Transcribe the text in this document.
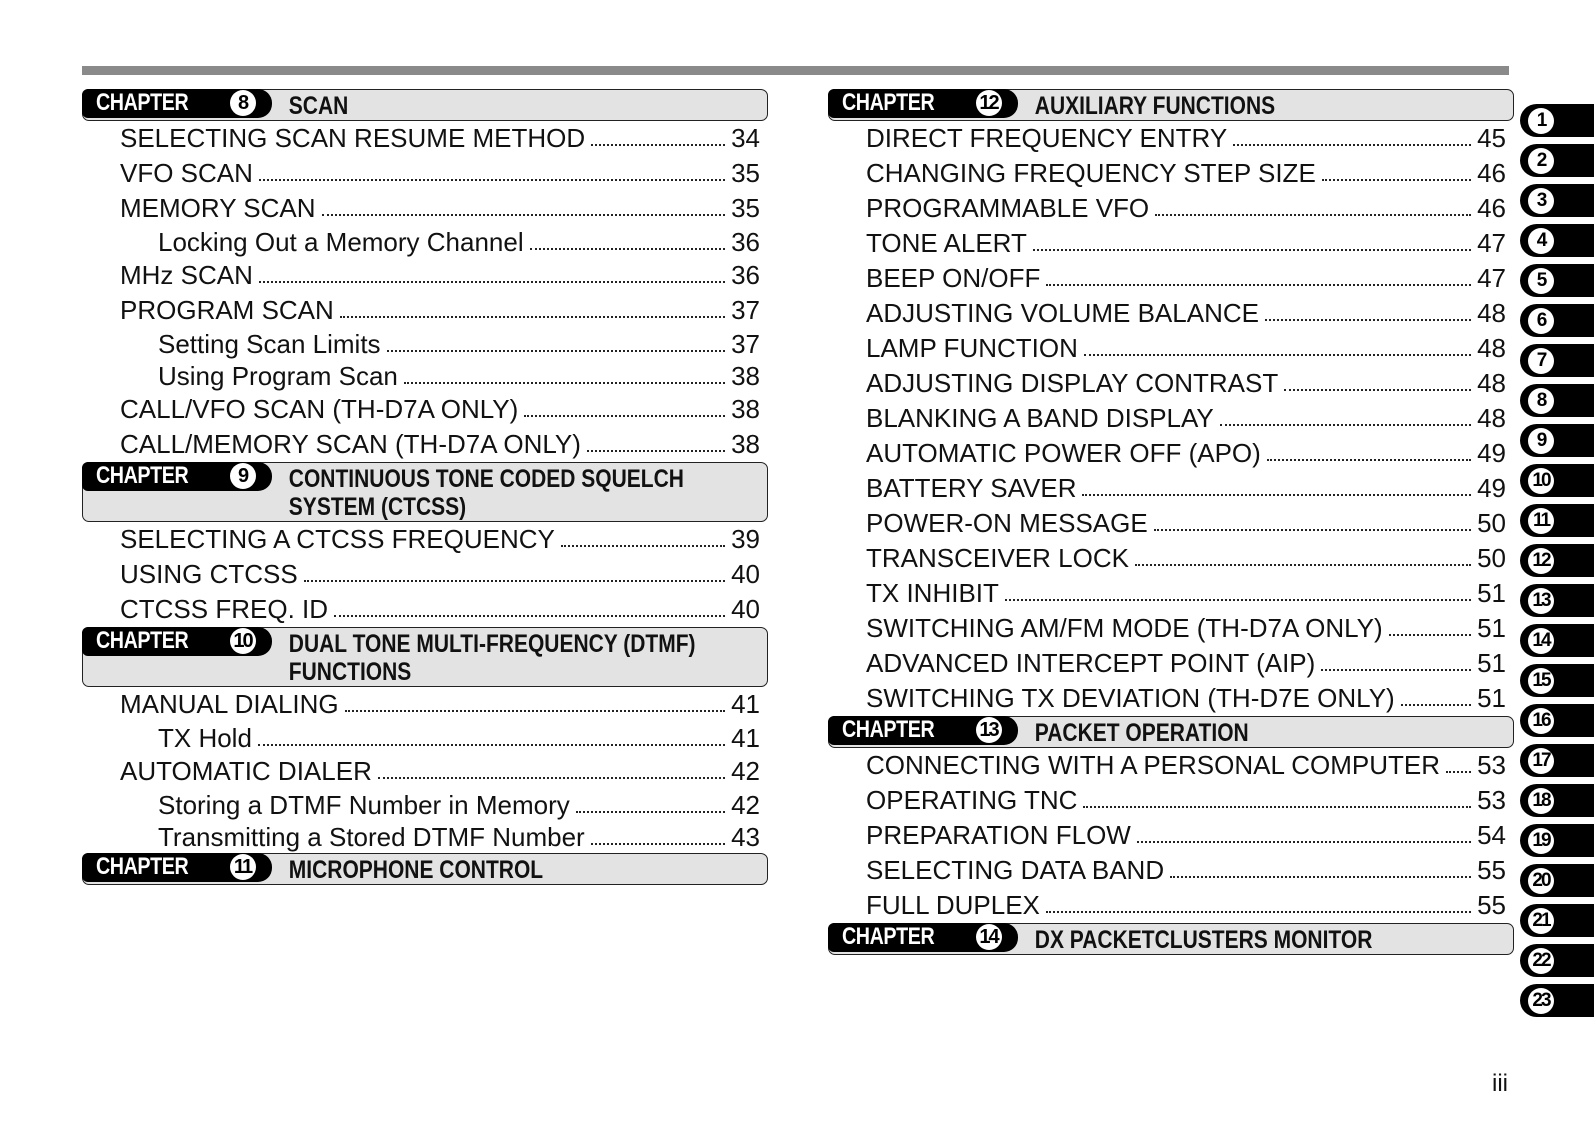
CHAPTER	8	SCAN
SELECTING SCAN RESUME METHOD	34
VFO SCAN	35
MEMORY SCAN	35
Locking Out a Memory Channel	36
MHz SCAN	36
PROGRAM SCAN	37
Setting Scan Limits	37
Using Program Scan	38
CALL/VFO SCAN (TH-D7A ONLY)	38
CALL/MEMORY SCAN (TH-D7A ONLY)	38
CHAPTER	9	CONTINUOUS TONE CODED SQUELCH
SYSTEM (CTCSS)
SELECTING A CTCSS FREQUENCY	39
USING CTCSS	40
CTCSS FREQ. ID	40
CHAPTER 10 DUAL TONE MULTI-FREQUENCY (DTMF)
FUNCTIONS
MANUAL DIALING	41
TX Hold	41
AUTOMATIC DIALER	42
Storing a DTMF Number in Memory	42
Transmitting a Stored DTMF Number	43
CHAPTER 11 MICROPHONE CONTROL
CHAPTER 12 AUXILIARY FUNCTIONS
DIRECT FREQUENCY ENTRY	45
CHANGING FREQUENCY STEP SIZE	46
PROGRAMMABLE VFO	46
TONE ALERT	47
BEEP ON/OFF	47
ADJUSTING VOLUME BALANCE	48
LAMP FUNCTION	48
ADJUSTING DISPLAY CONTRAST	48
BLANKING A BAND DISPLAY	48
AUTOMATIC POWER OFF (APO)	49
BATTERY SAVER	49
POWER-ON MESSAGE	50
TRANSCEIVER LOCK	50
TX INHIBIT	51
SWITCHING AM/FM MODE (TH-D7A ONLY)	51
ADVANCED INTERCEPT POINT (AIP)	51
SWITCHING TX DEVIATION (TH-D7E ONLY)	51
CHAPTER 13 PACKET OPERATION
CONNECTING WITH A PERSONAL COMPUTER 53
OPERATING TNC	53
PREPARATION FLOW	54
SELECTING DATA BAND	55
FULL DUPLEX	55
CHAPTER 14 DX PACKETCLUSTERS MONITOR
1
2
3
4
5
6
7
8
9
10
11
12
13
14
15
16
17
18
19
20
21
22
23
iii
